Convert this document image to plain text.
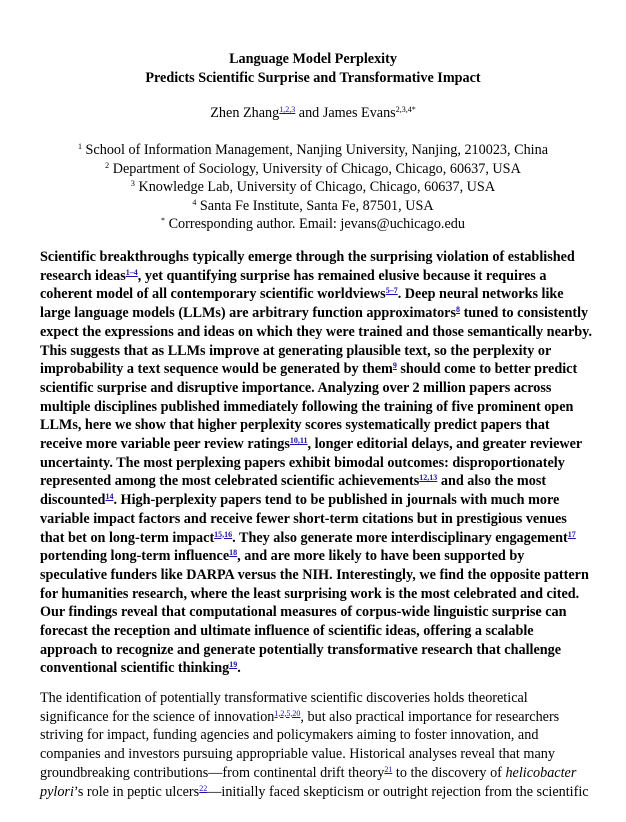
Language Model Perplexity
Predicts Scientific Surprise and Transformative Impact
Zhen Zhang$^{1,2,3}$ and James Evans$^{2,3,4*}$
$^1$ School of Information Management, Nanjing University, Nanjing, 210023, China
$^2$ Department of Sociology, University of Chicago, Chicago, 60637, USA
$^3$ Knowledge Lab, University of Chicago, Chicago, 60637, USA
$^4$ Santa Fe Institute, Santa Fe, 87501, USA
* Corresponding author. Email: jevans@uchicago.edu
Scientific breakthroughs typically emerge through the surprising violation of established
research ideas$^{1-4}$, yet quantifying surprise has remained elusive because it requires a
coherent model of all contemporary scientific worldviews$^{5-7}$. Deep neural networks like
large language models (LLMs) are arbitrary function approximators$^8$ tuned to consistently
expect the expressions and ideas on which they were trained and those semantically nearby.
This suggests that as LLMs improve at generating plausible text, so the perplexity or
improbability a text sequence would be generated by them$^9$ should come to better predict
scientific surprise and disruptive importance. Analyzing over 2 million papers across
multiple disciplines published immediately following the training of five prominent open
LLMs, here we show that higher perplexity scores systematically predict papers that
receive more variable peer review ratings$^{10,11}$, longer editorial delays, and greater reviewer
uncertainty. The most perplexing papers exhibit bimodal outcomes: disproportionately
represented among the most celebrated scientific achievements$^{12,13}$ and also the most
discounted$^{14}$. High-perplexity papers tend to be published in journals with much more
variable impact factors and receive fewer short-term citations but in prestigious venues
that bet on long-term impact$^{15,16}$. They also generate more interdisciplinary engagement$^{17}$
portending long-term influence$^{18}$, and are more likely to have been supported by
speculative funders like DARPA versus the NIH. Interestingly, we find the opposite pattern
for humanities research, where the least surprising work is the most celebrated and cited.
Our findings reveal that computational measures of corpus-wide linguistic surprise can
forecast the reception and ultimate influence of scientific ideas, offering a scalable
approach to recognize and generate potentially transformative research that challenge
conventional scientific thinking$^{19}$.
The identification of potentially transformative scientific discoveries holds theoretical
significance for the science of innovation$^{1,2,5,20}$, but also practical importance for researchers
striving for impact, funding agencies and policymakers aiming to foster innovation, and
companies and investors pursuing appropriable value. Historical analyses reveal that many
groundbreaking contributions—from continental drift theory$^{21}$ to the discovery of helicobacter
pylori’s role in peptic ulcers$^{22}$—initially faced skepticism or outright rejection from the scientific
